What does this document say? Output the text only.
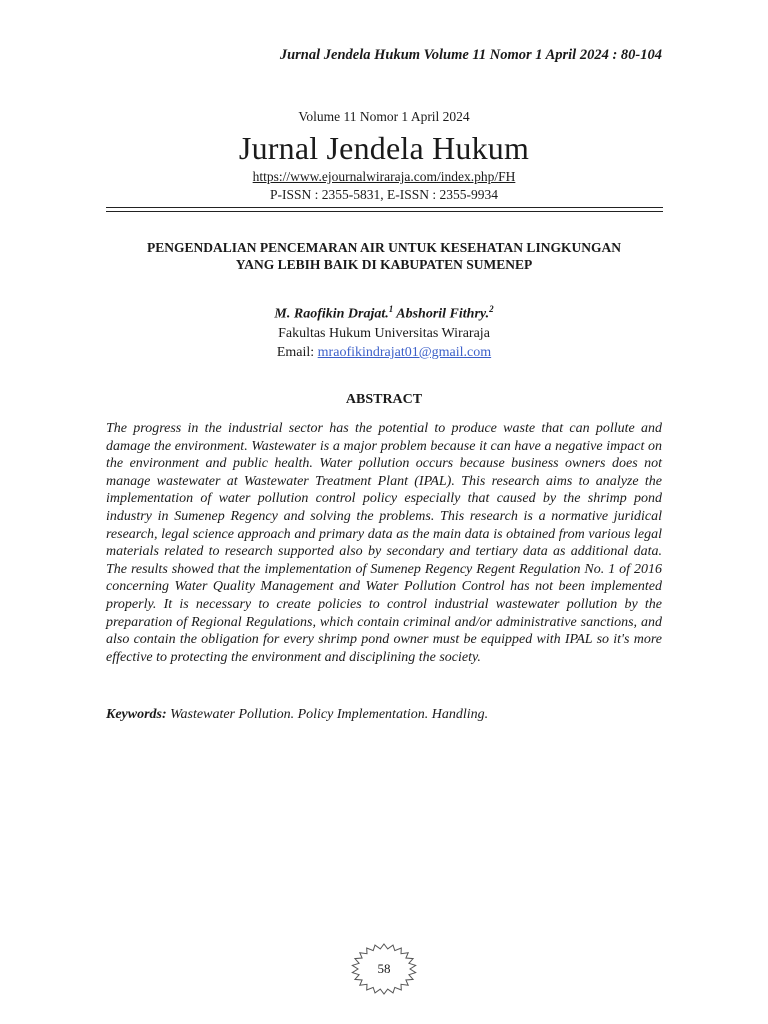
Jurnal Jendela Hukum Volume 11 Nomor 1 April 2024 : 80-104
Volume 11 Nomor 1 April 2024
Jurnal Jendela Hukum
https://www.ejournalwiraraja.com/index.php/FH
P-ISSN : 2355-5831, E-ISSN : 2355-9934
PENGENDALIAN PENCEMARAN AIR UNTUK KESEHATAN LINGKUNGAN
YANG LEBIH BAIK DI KABUPATEN SUMENEP
M. Raofikin Drajat.$^1$ Abshoril Fithry.$^2$
Fakultas Hukum Universitas Wiraraja
Email: mraofikindrajat01@gmail.com
ABSTRACT

The progress in the industrial sector has the potential to produce waste that can pollute and damage the environment. Wastewater is a major problem because it can have a negative impact on the environment and public health. Water pollution occurs because business owners does not manage wastewater at Wastewater Treatment Plant (IPAL). This research aims to analyze the implementation of water pollution control policy especially that caused by the shrimp pond industry in Sumenep Regency and solving the problems. This research is a normative juridical research, legal science approach and primary data as the main data is obtained from various legal materials related to research supported also by secondary and tertiary data as additional data. The results showed that the implementation of Sumenep Regency Regent Regulation No. 1 of 2016 concerning Water Quality Management and Water Pollution Control has not been implemented properly. It is necessary to create policies to control industrial wastewater pollution by the preparation of Regional Regulations, which contain criminal and/or administrative sanctions, and also contain the obligation for every shrimp pond owner must be equipped with IPAL so it's more effective to protecting the environment and disciplining the society.

Keywords: Wastewater Pollution. Policy Implementation. Handling.
58
